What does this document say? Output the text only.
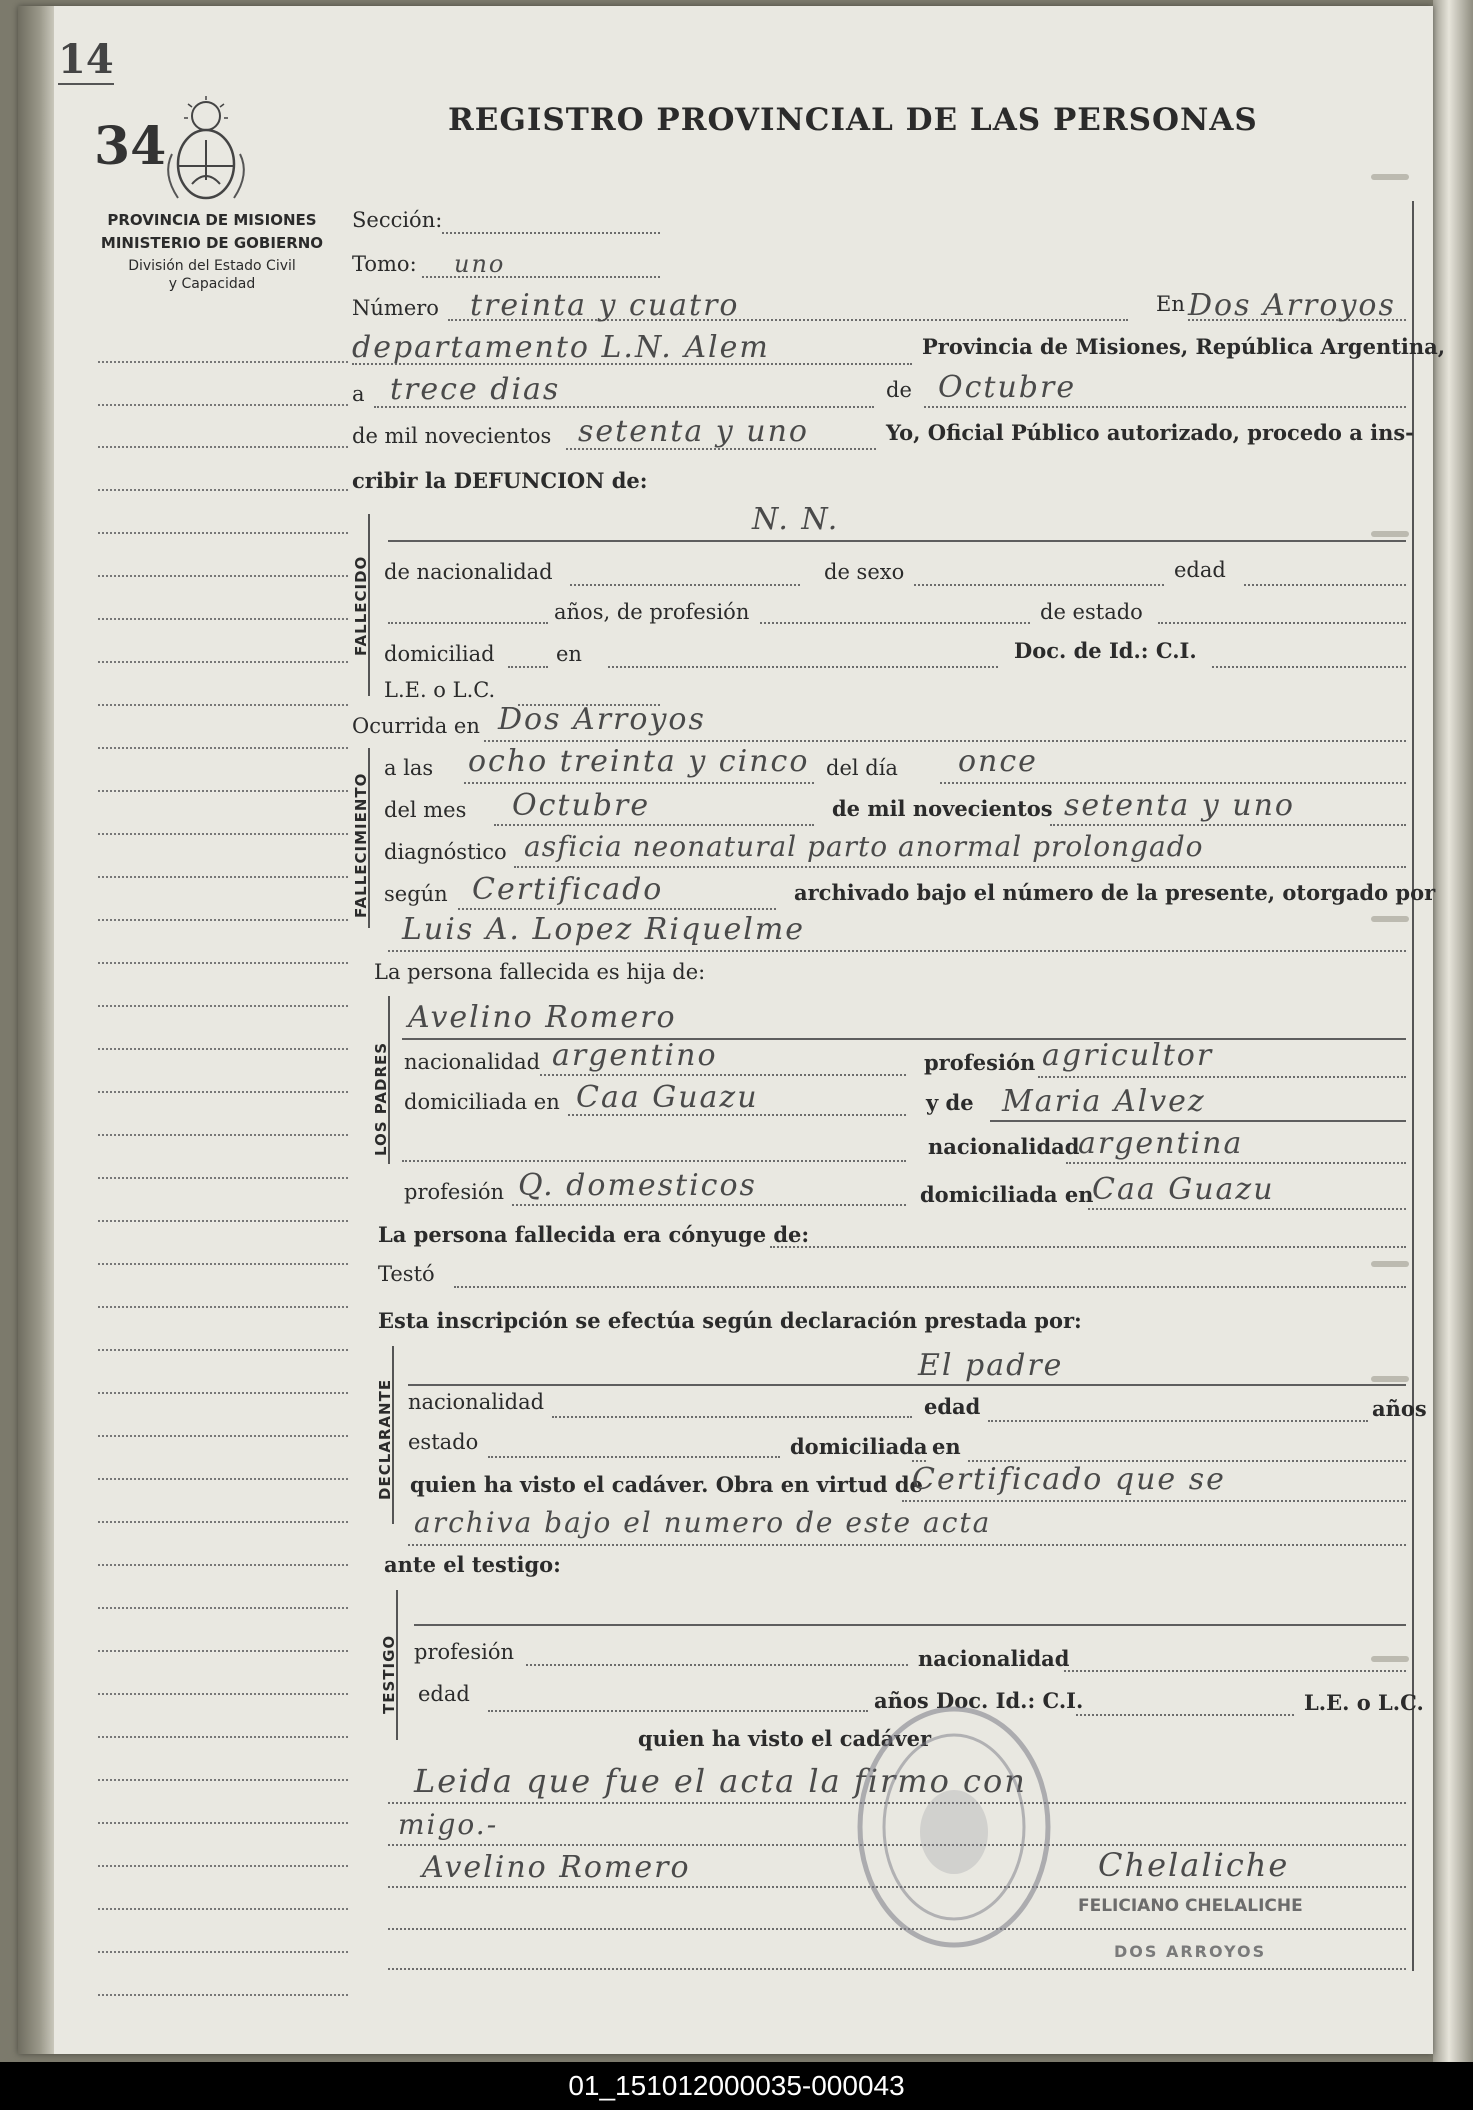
14
34	REGISTRO PROVINCIAL DE LAS PERSONAS
PROVINCIA DE MISIONES
MINISTERIO DE GOBIERNO
División del Estado Civil
y Capacidad
Sección:
Tomo: uno
Número treinta y cuatro	En Dos Arroyos
departamento L.N. Alem	Provincia de Misiones, República Argentina,
a trece dias	de Octubre
de mil novecientos setenta y uno	Yo, Oficial Público autorizado, procedo a ins-
cribir la DEFUNCION de:
FALLECIDO
N. N.
de nacionalidad	de sexo	edad
años, de profesión	de estado
domiciliad	en	Doc. de Id.: C.I.
L.E. o L.C.
Ocurrida en Dos Arroyos
FALLECIMIENTO
a las ocho treinta y cinco del día once
del mes Octubre	de mil novecientos setenta y uno
diagnóstico asficia neonatural parto anormal prolongado
según Certificado	archivado bajo el número de la presente, otorgado por
Luis A. Lopez Riquelme
La persona fallecida es hija de:
LOS PADRES
Avelino Romero
nacionalidad argentino	profesión agricultor
domiciliada en Caa Guazu	y de Maria Alvez
nacionalidad
argentina
profesión Q. domesticos	domiciliada en
Caa Guazu
La persona fallecida era cónyuge de:
Testó
Esta inscripción se efectúa según declaración prestada por:
DECLARANTE
El padre
nacionalidad	edad	años
estado	domiciliada en
quien ha visto el cadáver. Obra en virtud de
Certificado que se
archiva bajo el numero de este acta
ante el testigo:
TESTIGO profesión	nacionalidad
edad	años Doc. Id.: C.I.	L.E. o L.C.
quien ha visto el cadáver
Leida que fue el acta la firmo con
migo.-
Avelino Romero	Chelaliche
FELICIANO CHELALICHE
DOS ARROYOS
01_151012000035-000043
